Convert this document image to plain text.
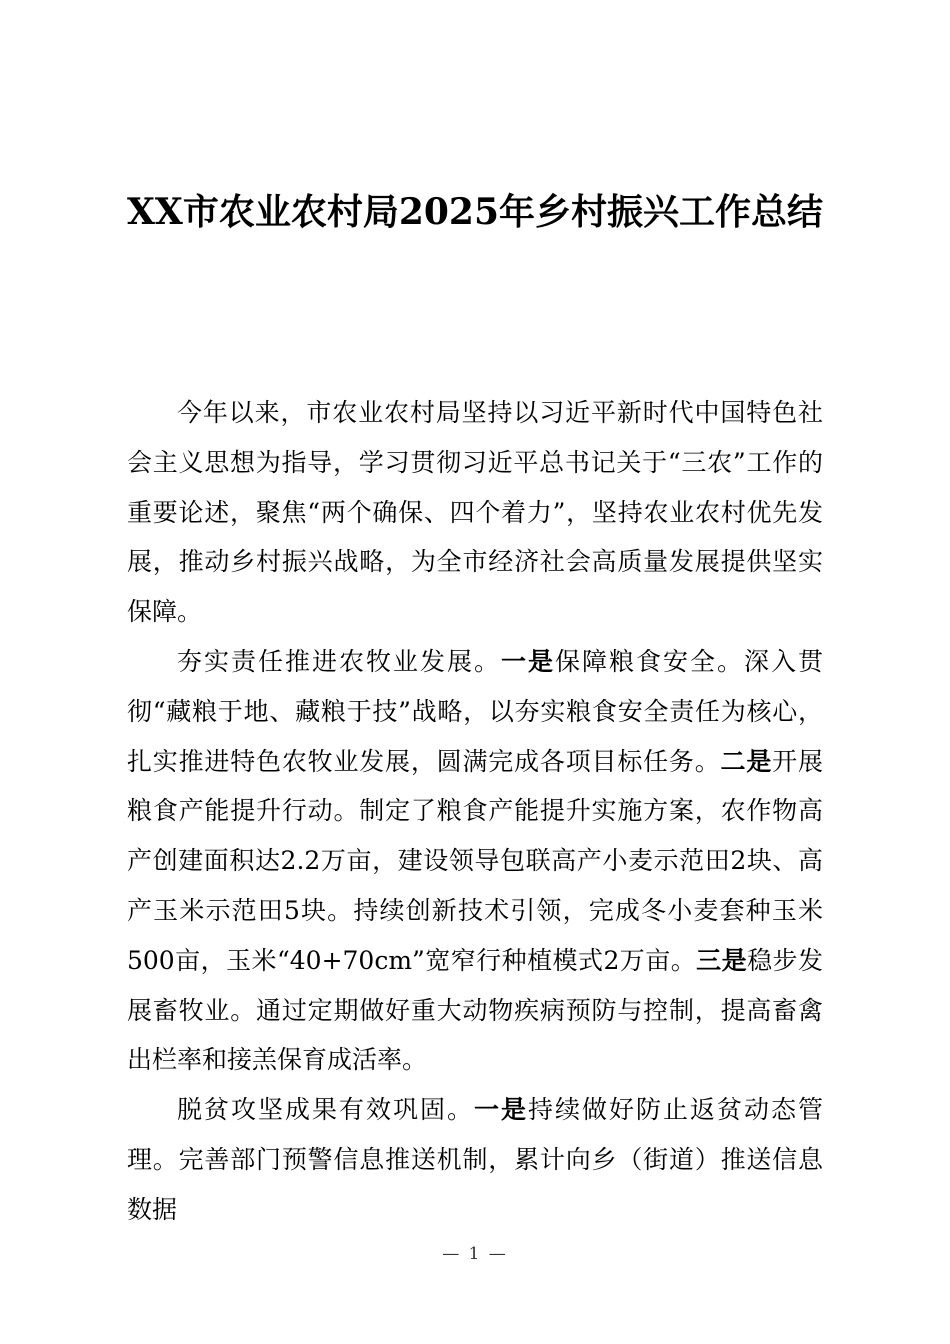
XX市农业农村局2025年乡村振兴工作总结

今年以来，市农业农村局坚持以习近平新时代中国特色社会主义思想为指导，学习贯彻习近平总书记关于“三农”工作的重要论述，聚焦“两个确保、四个着力”，坚持农业农村优先发展，推动乡村振兴战略，为全市经济社会高质量发展提供坚实保障。

夯实责任推进农牧业发展。一是保障粮食安全。深入贯彻“藏粮于地、藏粮于技”战略，以夯实粮食安全责任为核心，扎实推进特色农牧业发展，圆满完成各项目标任务。二是开展粮食产能提升行动。制定了粮食产能提升实施方案，农作物高产创建面积达2.2万亩，建设领导包联高产小麦示范田2块、高产玉米示范田5块。持续创新技术引领，完成冬小麦套种玉米500亩，玉米“40+70cm”宽窄行种植模式2万亩。三是稳步发展畜牧业。通过定期做好重大动物疾病预防与控制，提高畜禽出栏率和接羔保育成活率。

脱贫攻坚成果有效巩固。一是持续做好防止返贫动态管理。完善部门预警信息推送机制，累计向乡（街道）推送信息数据

— 1 —
